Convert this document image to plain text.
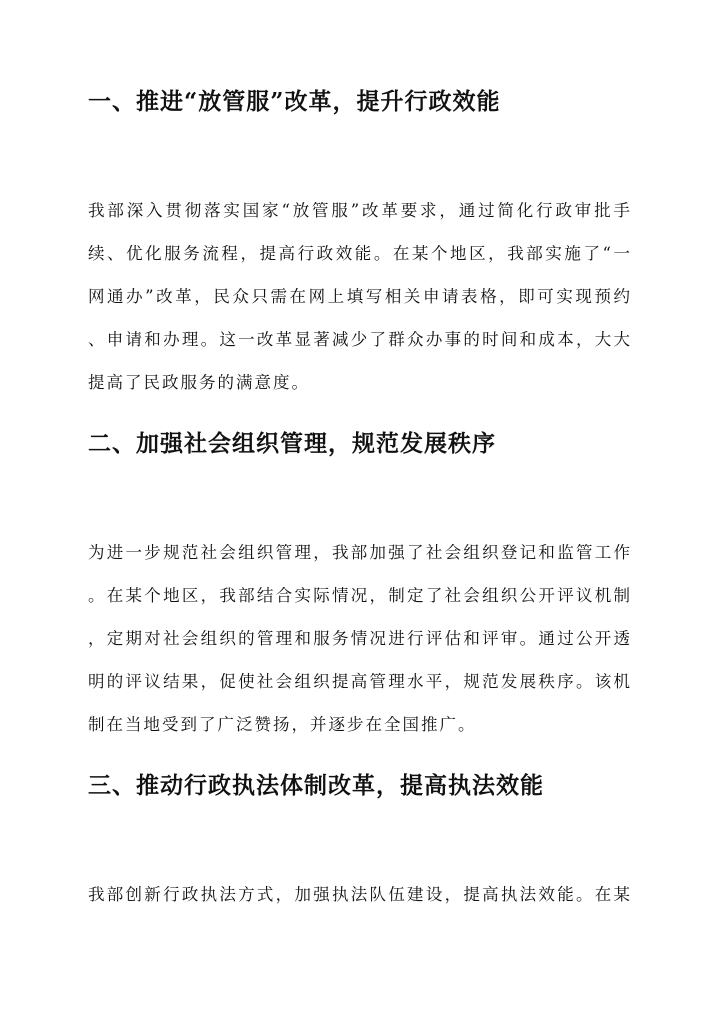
一、推进“放管服”改革，提升行政效能

我部深入贯彻落实国家“放管服”改革要求，通过简化行政审批手

续、优化服务流程，提高行政效能。在某个地区，我部实施了“一

网通办”改革，民众只需在网上填写相关申请表格，即可实现预约

、申请和办理。这一改革显著减少了群众办事的时间和成本，大大

提高了民政服务的满意度。

二、加强社会组织管理，规范发展秩序

为进一步规范社会组织管理，我部加强了社会组织登记和监管工作

。在某个地区，我部结合实际情况，制定了社会组织公开评议机制

，定期对社会组织的管理和服务情况进行评估和评审。通过公开透

明的评议结果，促使社会组织提高管理水平，规范发展秩序。该机

制在当地受到了广泛赞扬，并逐步在全国推广。

三、推动行政执法体制改革，提高执法效能

我部创新行政执法方式，加强执法队伍建设，提高执法效能。在某
